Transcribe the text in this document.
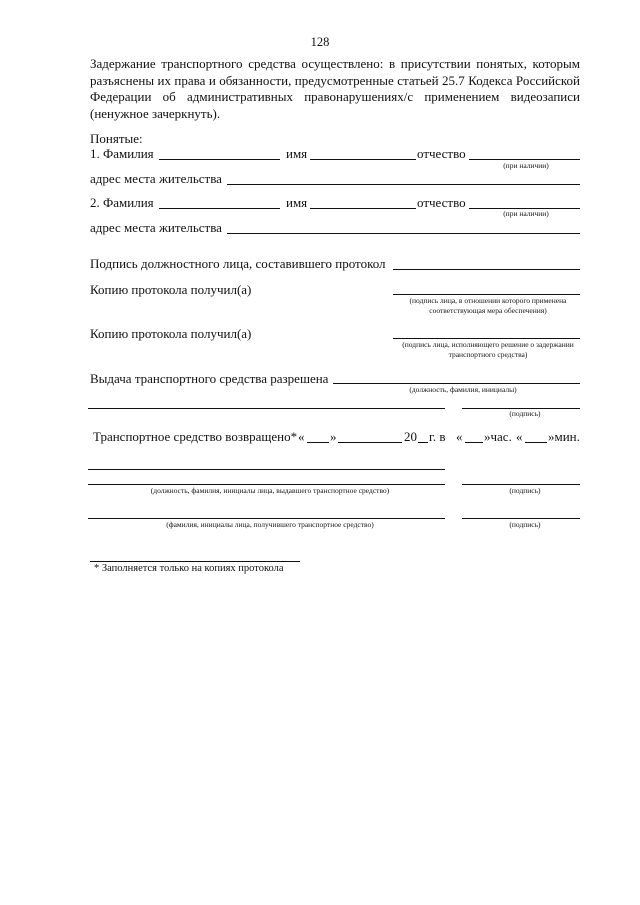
128
Задержание транспортного средства осуществлено: в присутствии понятых, которым разъяснены их права и обязанности, предусмотренные статьей 25.7 Кодекса Российской Федерации об административных правонарушениях/с применением видеозаписи (ненужное зачеркнуть).
Понятые:
1. Фамилия	имя	отчество
(при наличии)
адрес места жительства
2. Фамилия	имя	отчество
(при наличии)
адрес места жительства
Подпись должностного лица, составившего протокол
Копию протокола получил(а)
(подпись лица, в отношении которого применена соответствующая мера обеспечения)
Копию протокола получил(а)
(подпись лица, исполняющего решение о задержании транспортного средства)
Выдача транспортного средства разрешена
(должность, фамилия, инициалы)
(подпись)
Транспортное средство возвращено* « »	20 г. в « »час. « »мин.
(должность, фамилия, инициалы лица, выдавшего транспортное средство)	(подпись)
(фамилия, инициалы лица, получившего транспортное средство)	(подпись)
* Заполняется только на копиях протокола
